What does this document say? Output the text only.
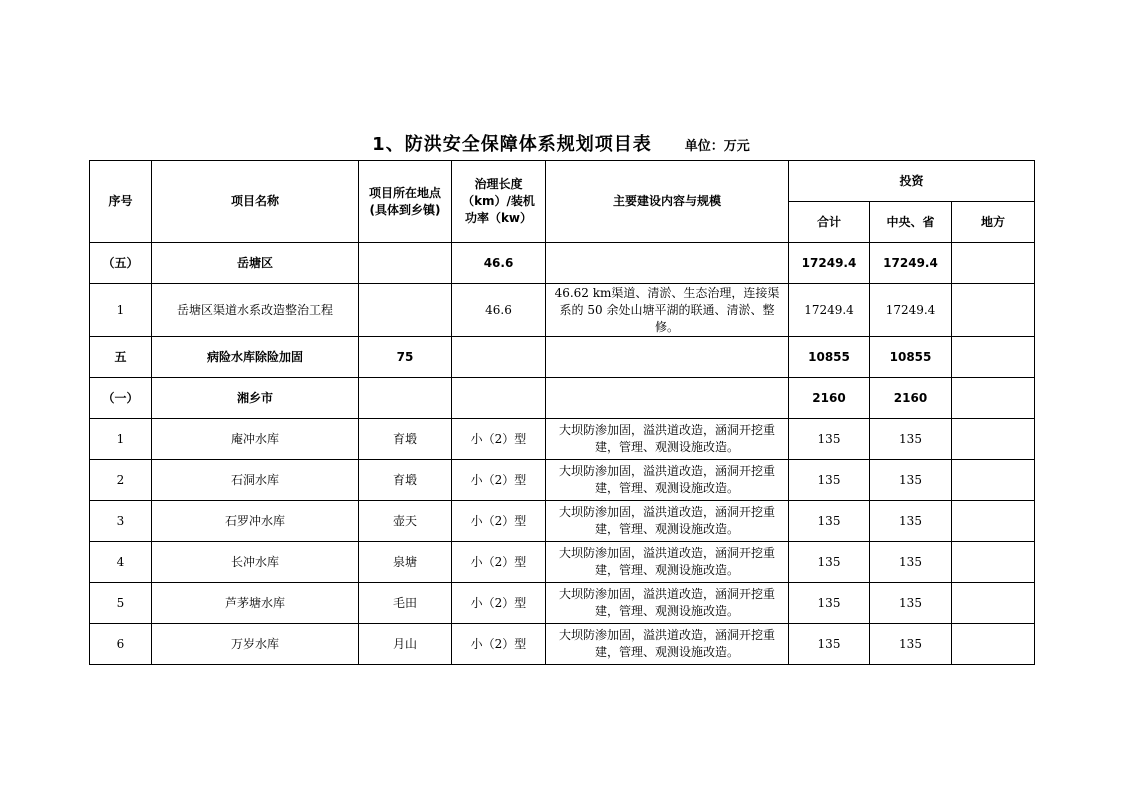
1、防洪安全保障体系规划项目表	单位：万元
序号	项目名称	项目所在地点(具体到乡镇)	治理长度（km）/装机功率（kw）	主要建设内容与规模	投资		
					合计	中央、省	地方
（五）	岳塘区		46.6		17249.4	17249.4	
1	岳塘区渠道水系改造整治工程		46.6	46.62 km渠道、清淤、生态治理，连接渠系的 50 余处山塘平湖的联通、清淤、整修。	17249.4	17249.4	
五	病险水库除险加固	75			10855	10855	
（一）	湘乡市				2160	2160	
1	庵冲水库	育塅	小（2）型	大坝防渗加固，溢洪道改造，涵洞开挖重建，管理、观测设施改造。	135	135	
2	石洞水库	育塅	小（2）型	大坝防渗加固，溢洪道改造，涵洞开挖重建，管理、观测设施改造。	135	135	
3	石罗冲水库	壶天	小（2）型	大坝防渗加固，溢洪道改造，涵洞开挖重建，管理、观测设施改造。	135	135	
4	长冲水库	泉塘	小（2）型	大坝防渗加固，溢洪道改造，涵洞开挖重建，管理、观测设施改造。	135	135	
5	芦茅塘水库	毛田	小（2）型	大坝防渗加固，溢洪道改造，涵洞开挖重建，管理、观测设施改造。	135	135	
6	万岁水库	月山	小（2）型	大坝防渗加固，溢洪道改造，涵洞开挖重建，管理、观测设施改造。	135	135	
